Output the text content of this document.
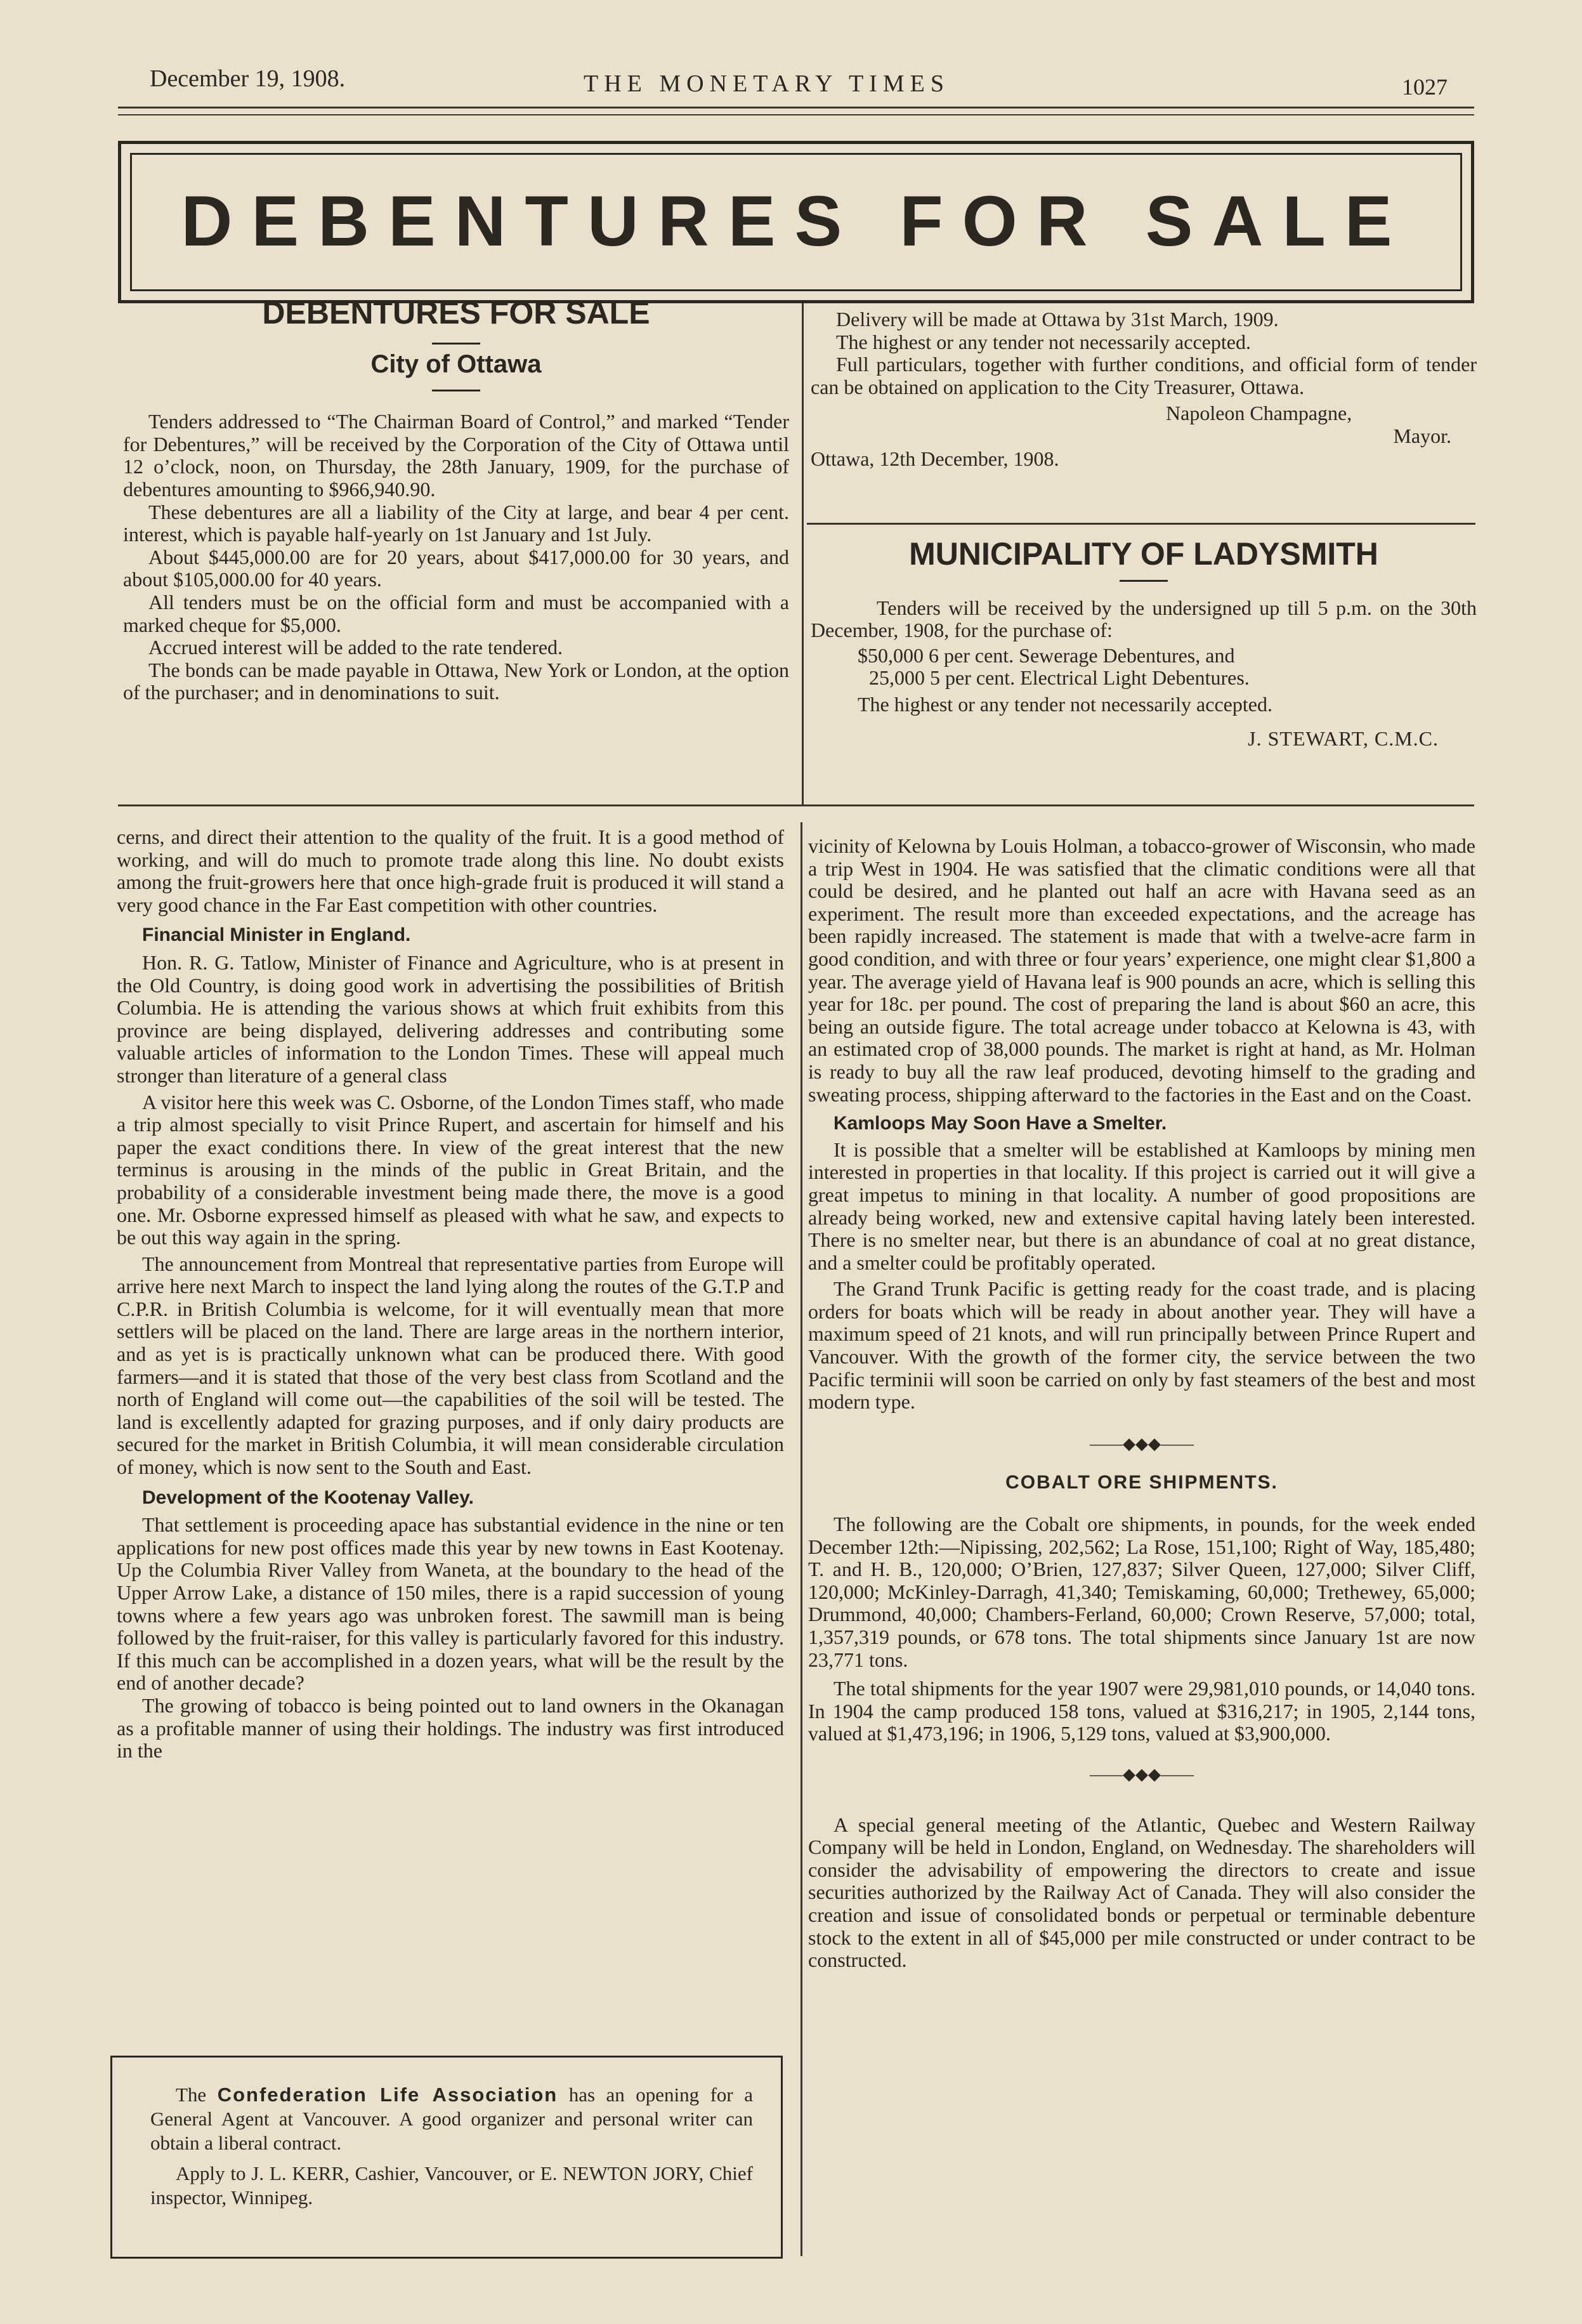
December 19, 1908.	THE MONETARY TIMES	1027
DEBENTURES FOR SALE
DEBENTURES FOR SALE
City of Ottawa

Tenders addressed to “The Chairman Board of Control,” and marked “Tender for Debentures,” will be received by the Corporation of the City of Ottawa until 12 o’clock, noon, on Thursday, the 28th January, 1909, for the purchase of debentures amounting to $966,940.90.

These debentures are all a liability of the City at large, and bear 4 per cent. interest, which is payable half-yearly on 1st January and 1st July.

About $445,000.00 are for 20 years, about $417,000.00 for 30 years, and about $105,000.00 for 40 years.

All tenders must be on the official form and must be accompanied with a marked cheque for $5,000.

Accrued interest will be added to the rate tendered.

The bonds can be made payable in Ottawa, New York or London, at the option of the purchaser; and in denominations to suit.

Delivery will be made at Ottawa by 31st March, 1909.

The highest or any tender not necessarily accepted.

Full particulars, together with further conditions, and official form of tender can be obtained on application to the City Treasurer, Ottawa.

Napoleon Champagne,

Mayor.

Ottawa, 12th December, 1908.

MUNICIPALITY OF LADYSMITH

Tenders will be received by the undersigned up till 5 p.m. on the 30th December, 1908, for the purchase of:

$50,000 6 per cent. Sewerage Debentures, and

25,000 5 per cent. Electrical Light Debentures.

The highest or any tender not necessarily accepted.

J. STEWART, C.M.C.

cerns, and direct their attention to the quality of the fruit. It is a good method of working, and will do much to promote trade along this line. No doubt exists among the fruit-growers here that once high-grade fruit is produced it will stand a very good chance in the Far East competition with other countries.

Financial Minister in England.

Hon. R. G. Tatlow, Minister of Finance and Agriculture, who is at present in the Old Country, is doing good work in advertising the possibilities of British Columbia. He is attending the various shows at which fruit exhibits from this province are being displayed, delivering addresses and contributing some valuable articles of information to the London Times. These will appeal much stronger than literature of a general class

A visitor here this week was C. Osborne, of the London Times staff, who made a trip almost specially to visit Prince Rupert, and ascertain for himself and his paper the exact conditions there. In view of the great interest that the new terminus is arousing in the minds of the public in Great Britain, and the probability of a considerable investment being made there, the move is a good one. Mr. Osborne expressed himself as pleased with what he saw, and expects to be out this way again in the spring.

The announcement from Montreal that representative parties from Europe will arrive here next March to inspect the land lying along the routes of the G.T.P and C.P.R. in British Columbia is welcome, for it will eventually mean that more settlers will be placed on the land. There are large areas in the northern interior, and as yet is is practically unknown what can be produced there. With good farmers—and it is stated that those of the very best class from Scotland and the north of England will come out—the capabilities of the soil will be tested. The land is excellently adapted for grazing purposes, and if only dairy products are secured for the market in British Columbia, it will mean considerable circulation of money, which is now sent to the South and East.

Development of the Kootenay Valley.

That settlement is proceeding apace has substantial evidence in the nine or ten applications for new post offices made this year by new towns in East Kootenay. Up the Columbia River Valley from Waneta, at the boundary to the head of the Upper Arrow Lake, a distance of 150 miles, there is a rapid succession of young towns where a few years ago was unbroken forest. The sawmill man is being followed by the fruit-raiser, for this valley is particularly favored for this industry. If this much can be accomplished in a dozen years, what will be the result by the end of another decade?

The growing of tobacco is being pointed out to land owners in the Okanagan as a profitable manner of using their holdings. The industry was first introduced in the

The Confederation Life Association has an opening for a General Agent at Vancouver. A good organizer and personal writer can obtain a liberal contract.

Apply to J. L. KERR, Cashier, Vancouver, or E. NEWTON JORY, Chief inspector, Winnipeg.

vicinity of Kelowna by Louis Holman, a tobacco-grower of Wisconsin, who made a trip West in 1904. He was satisfied that the climatic conditions were all that could be desired, and he planted out half an acre with Havana seed as an experiment. The result more than exceeded expectations, and the acreage has been rapidly increased. The statement is made that with a twelve-acre farm in good condition, and with three or four years’ experience, one might clear $1,800 a year. The average yield of Havana leaf is 900 pounds an acre, which is selling this year for 18c. per pound. The cost of preparing the land is about $60 an acre, this being an outside figure. The total acreage under tobacco at Kelowna is 43, with an estimated crop of 38,000 pounds. The market is right at hand, as Mr. Holman is ready to buy all the raw leaf produced, devoting himself to the grading and sweating process, shipping afterward to the factories in the East and on the Coast.

Kamloops May Soon Have a Smelter.

It is possible that a smelter will be established at Kamloops by mining men interested in properties in that locality. If this project is carried out it will give a great impetus to mining in that locality. A number of good propositions are already being worked, new and extensive capital having lately been interested. There is no smelter near, but there is an abundance of coal at no great distance, and a smelter could be profitably operated.

The Grand Trunk Pacific is getting ready for the coast trade, and is placing orders for boats which will be ready in about another year. They will have a maximum speed of 21 knots, and will run principally between Prince Rupert and Vancouver. With the growth of the former city, the service between the two Pacific terminii will soon be carried on only by fast steamers of the best and most modern type.

——◆◆◆——
COBALT ORE SHIPMENTS.

The following are the Cobalt ore shipments, in pounds, for the week ended December 12th:—Nipissing, 202,562; La Rose, 151,100; Right of Way, 185,480; T. and H. B., 120,000; O’Brien, 127,837; Silver Queen, 127,000; Silver Cliff, 120,000; McKinley-Darragh, 41,340; Temiskaming, 60,000; Trethewey, 65,000; Drummond, 40,000; Chambers-Ferland, 60,000; Crown Reserve, 57,000; total, 1,357,319 pounds, or 678 tons. The total shipments since January 1st are now 23,771 tons.

The total shipments for the year 1907 were 29,981,010 pounds, or 14,040 tons. In 1904 the camp produced 158 tons, valued at $316,217; in 1905, 2,144 tons, valued at $1,473,196; in 1906, 5,129 tons, valued at $3,900,000.

——◆◆◆——

A special general meeting of the Atlantic, Quebec and Western Railway Company will be held in London, England, on Wednesday. The shareholders will consider the advisability of empowering the directors to create and issue securities authorized by the Railway Act of Canada. They will also consider the creation and issue of consolidated bonds or perpetual or terminable debenture stock to the extent in all of $45,000 per mile constructed or under contract to be constructed.
